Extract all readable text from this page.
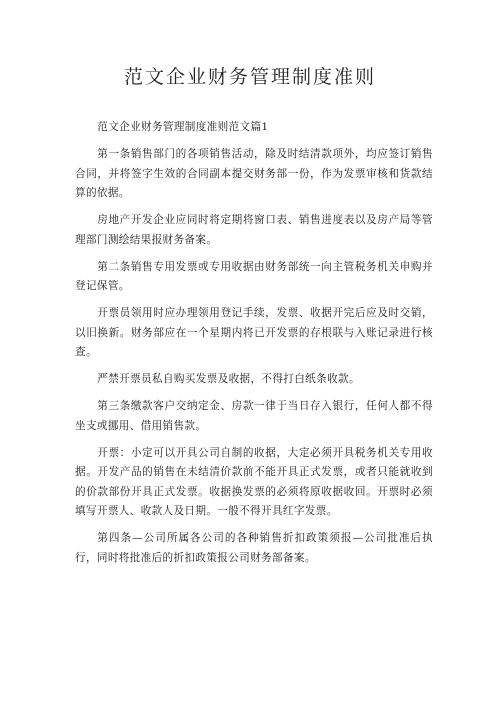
范文企业财务管理制度准则

范文企业财务管理制度准则范文篇1

第一条销售部门的各项销售活动，除及时结清款项外，均应签订销售合同，并将签字生效的合同副本提交财务部一份，作为发票审核和货款结算的依据。

房地产开发企业应同时将定期将窗口表、销售进度表以及房产局等管理部门测绘结果报财务备案。

第二条销售专用发票或专用收据由财务部统一向主管税务机关申购并登记保管。

开票员领用时应办理领用登记手续，发票、收据开完后应及时交销，以旧换新。财务部应在一个星期内将已开发票的存根联与入账记录进行核查。

严禁开票员私自购买发票及收据，不得打白纸条收款。

第三条缴款客户交纳定金、房款一律于当日存入银行，任何人都不得坐支或挪用、借用销售款。

开票：小定可以开具公司自制的收据，大定必须开具税务机关专用收据。开发产品的销售在未结清价款前不能开具正式发票，或者只能就收到的价款部份开具正式发票。收据换发票的必须将原收据收回。开票时必须填写开票人、收款人及日期。一般不得开具红字发票。

第四条—公司所属各公司的各种销售折扣政策须报—公司批准后执行，同时将批准后的折扣政策报公司财务部备案。
